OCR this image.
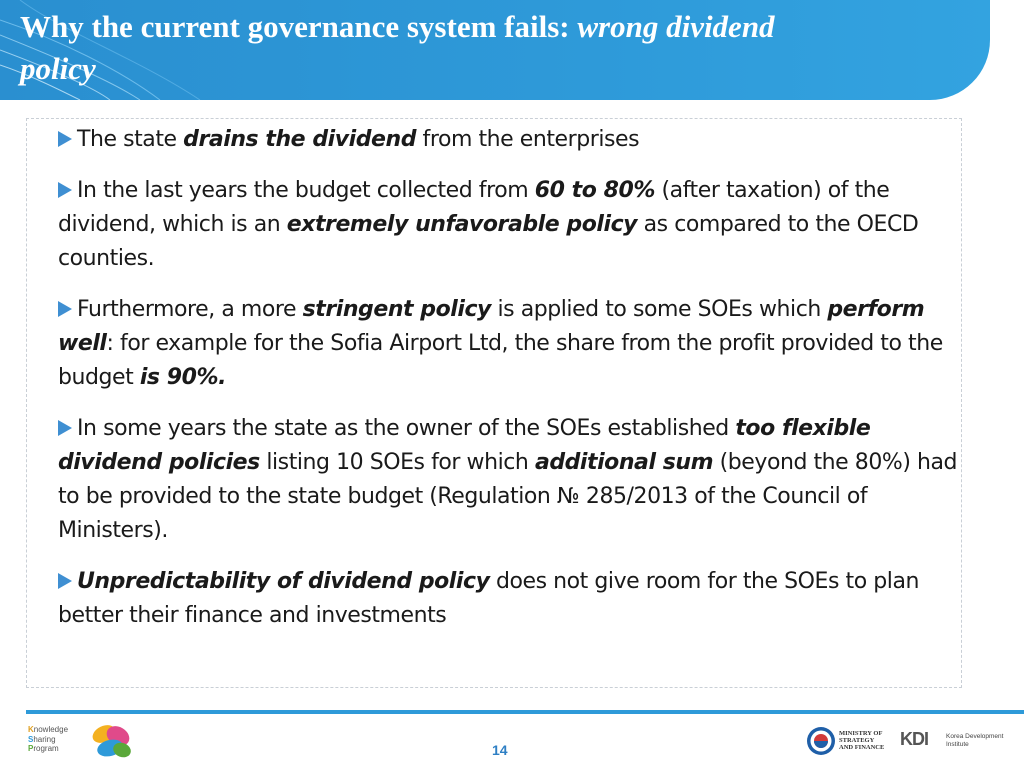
Why the current governance system fails: wrong dividend
policy
The state drains the dividend from the enterprises
In the last years the budget collected from 60 to 80% (after taxation) of the dividend, which is an extremely unfavorable policy as compared to the OECD counties.
Furthermore, a more stringent policy is applied to some SOEs which perform well: for example for the Sofia Airport Ltd, the share from the profit provided to the budget is 90%.
In some years the state as the owner of the SOEs established too flexible dividend policies listing 10 SOEs for which additional sum (beyond the 80%) had to be provided to the state budget (Regulation № 285/2013 of the Council of Ministers).
Unpredictability of dividend policy does not give room for the SOEs to plan better their finance and investments
Knowledge
Sharing
Program	14
MINISTRY OF
STRATEGY
AND FINANCE KDI	Korea Development
Institute
